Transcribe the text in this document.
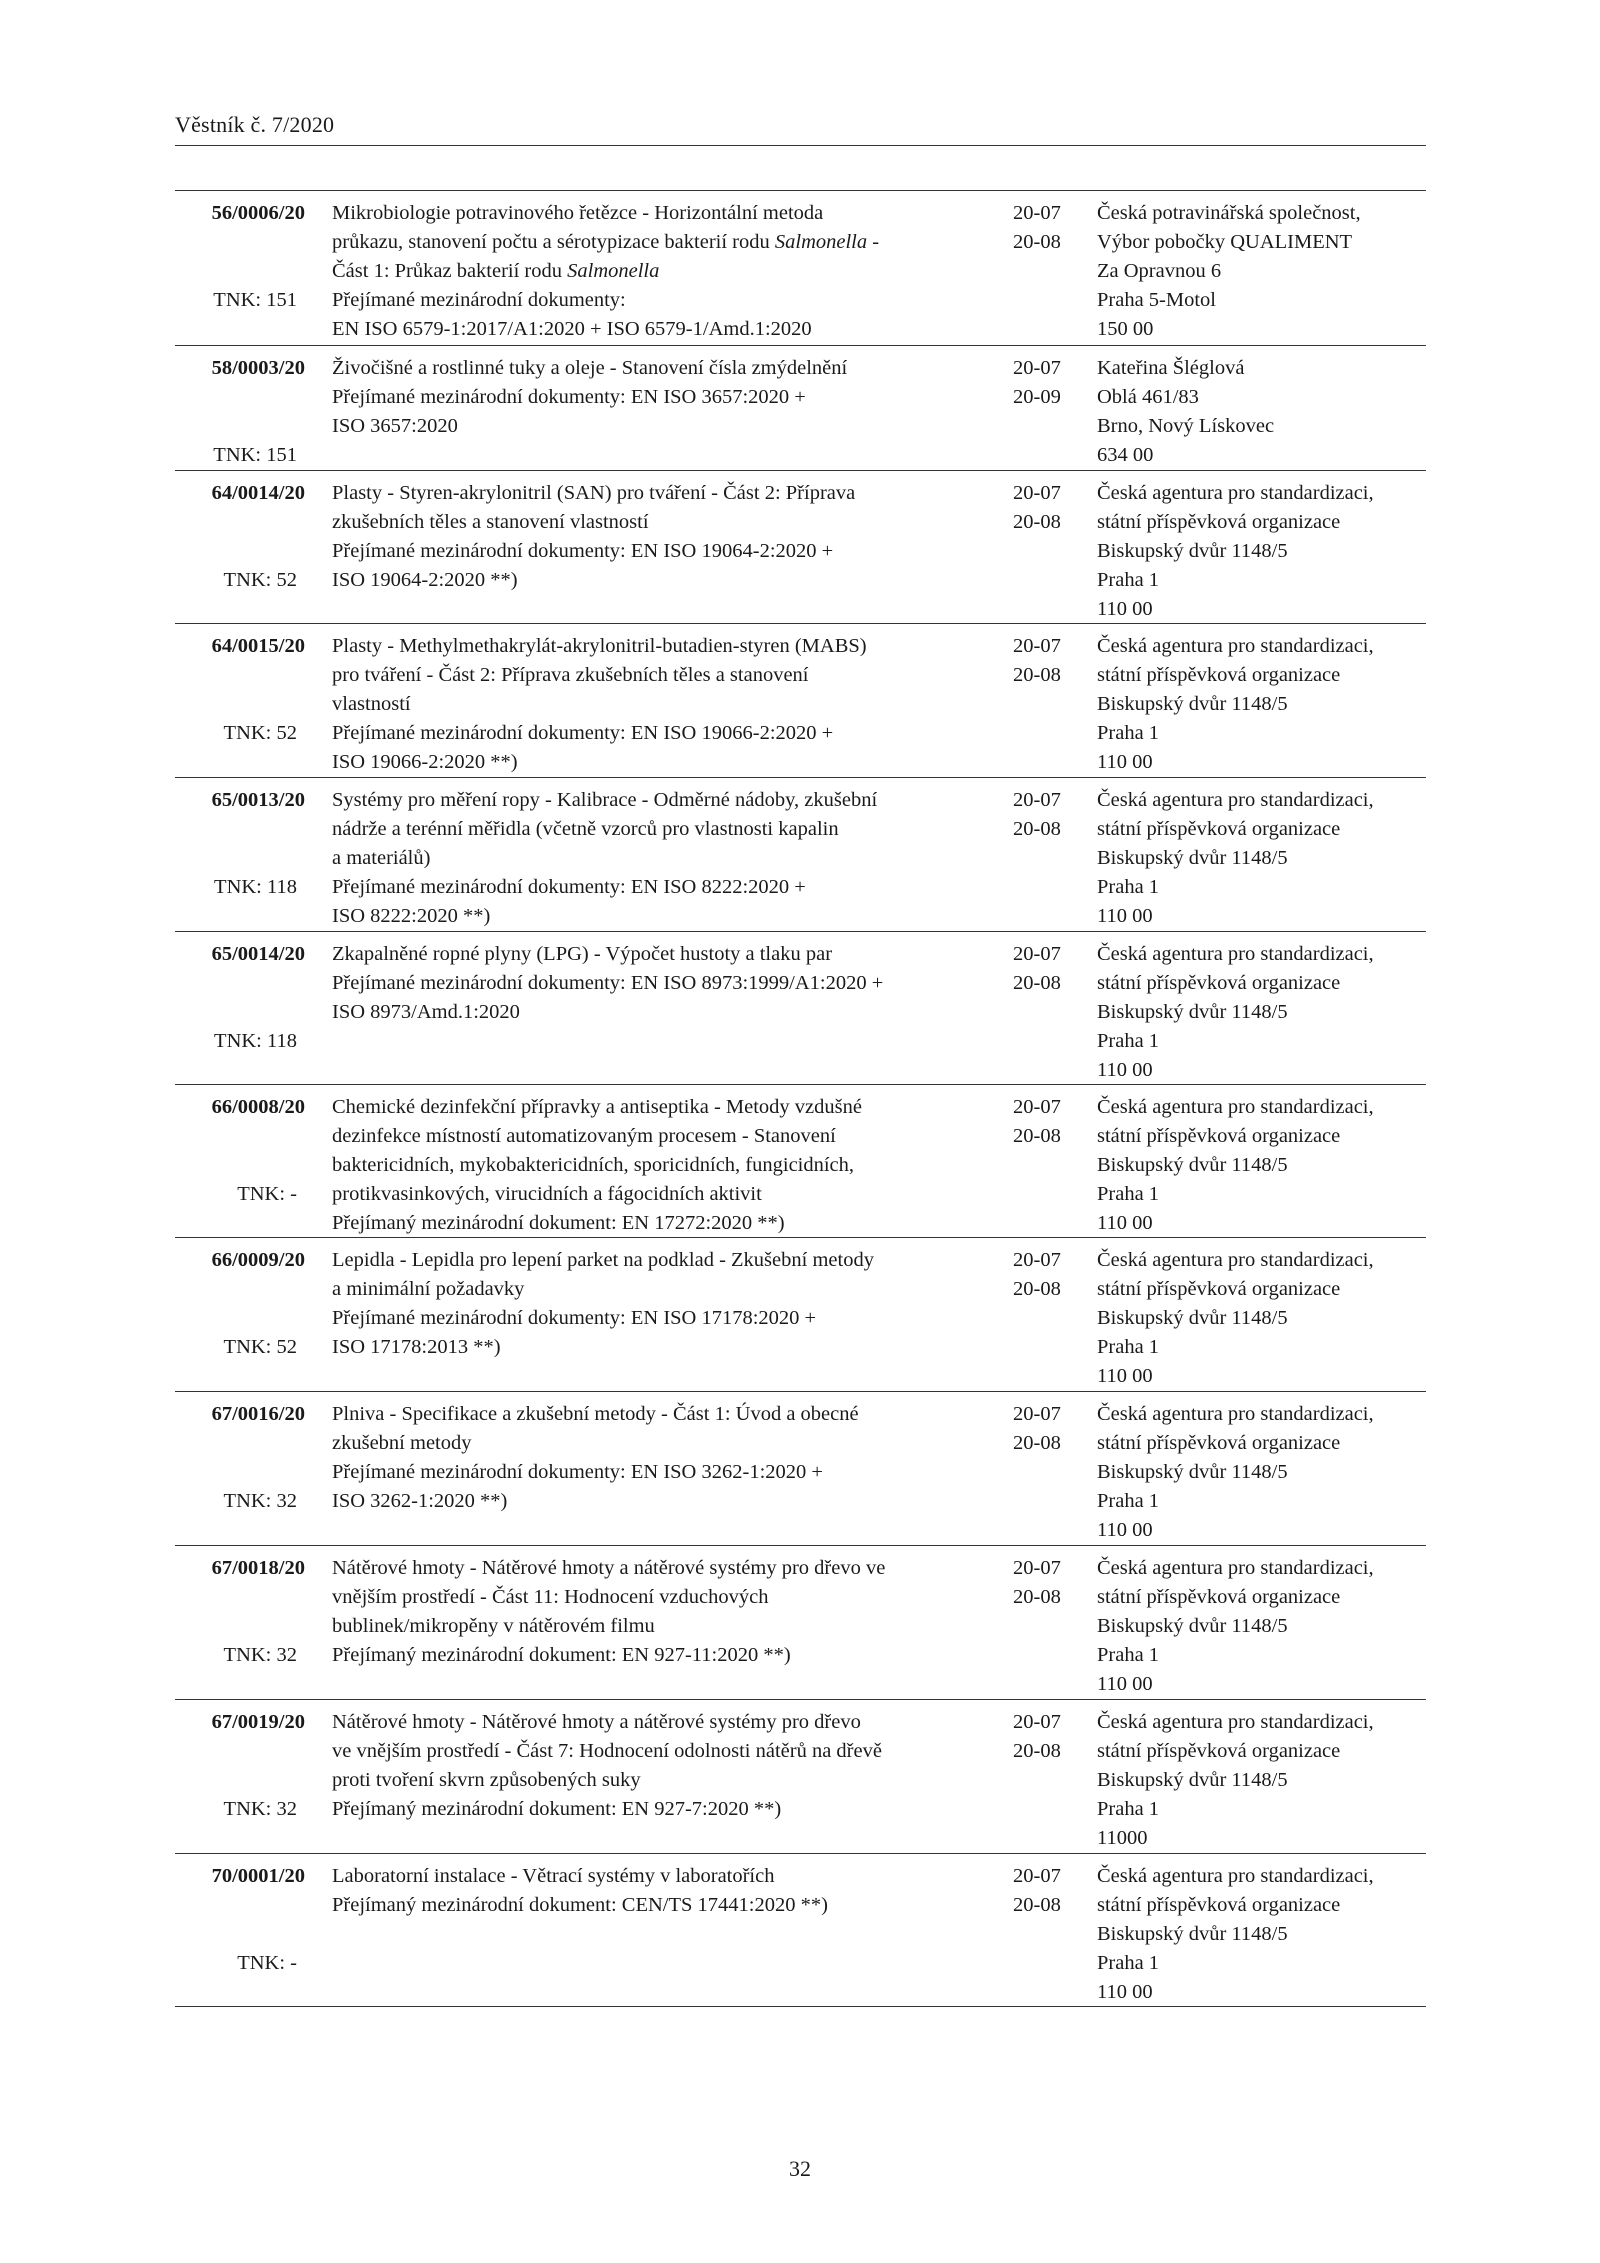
Věstník č. 7/2020
56/0006/20
TNK: 151
Mikrobiologie potravinového řetězce - Horizontální metoda
průkazu, stanovení počtu a sérotypizace bakterií rodu Salmonella -
Část 1: Průkaz bakterií rodu Salmonella
Přejímané mezinárodní dokumenty:
EN ISO 6579-1:2017/A1:2020 + ISO 6579-1/Amd.1:2020
20-07
20-08
Česká potravinářská společnost,
Výbor pobočky QUALIMENT
Za Opravnou 6
Praha 5-Motol
150 00
58/0003/20
TNK: 151
Živočišné a rostlinné tuky a oleje - Stanovení čísla zmýdelnění
Přejímané mezinárodní dokumenty: EN ISO 3657:2020 +
ISO 3657:2020
20-07
20-09
Kateřina Šléglová
Oblá 461/83
Brno, Nový Lískovec
634 00
64/0014/20
TNK: 52
Plasty - Styren-akrylonitril (SAN) pro tváření - Část 2: Příprava
zkušebních těles a stanovení vlastností
Přejímané mezinárodní dokumenty: EN ISO 19064-2:2020 +
ISO 19064-2:2020 **)
20-07
20-08
Česká agentura pro standardizaci,
státní příspěvková organizace
Biskupský dvůr 1148/5
Praha 1
110 00
64/0015/20
TNK: 52
Plasty - Methylmethakrylát-akrylonitril-butadien-styren (MABS)
pro tváření - Část 2: Příprava zkušebních těles a stanovení
vlastností
Přejímané mezinárodní dokumenty: EN ISO 19066-2:2020 +
ISO 19066-2:2020 **)
20-07
20-08
Česká agentura pro standardizaci,
státní příspěvková organizace
Biskupský dvůr 1148/5
Praha 1
110 00
65/0013/20
TNK: 118
Systémy pro měření ropy - Kalibrace - Odměrné nádoby, zkušební
nádrže a terénní měřidla (včetně vzorců pro vlastnosti kapalin
a materiálů)
Přejímané mezinárodní dokumenty: EN ISO 8222:2020 +
ISO 8222:2020 **)
20-07
20-08
Česká agentura pro standardizaci,
státní příspěvková organizace
Biskupský dvůr 1148/5
Praha 1
110 00
65/0014/20
TNK: 118
Zkapalněné ropné plyny (LPG) - Výpočet hustoty a tlaku par
Přejímané mezinárodní dokumenty: EN ISO 8973:1999/A1:2020 +
ISO 8973/Amd.1:2020
20-07
20-08
Česká agentura pro standardizaci,
státní příspěvková organizace
Biskupský dvůr 1148/5
Praha 1
110 00
66/0008/20
TNK: -
Chemické dezinfekční přípravky a antiseptika - Metody vzdušné
dezinfekce místností automatizovaným procesem - Stanovení
baktericidních, mykobaktericidních, sporicidních, fungicidních,
protikvasinkových, virucidních a fágocidních aktivit
Přejímaný mezinárodní dokument: EN 17272:2020 **)
20-07
20-08
Česká agentura pro standardizaci,
státní příspěvková organizace
Biskupský dvůr 1148/5
Praha 1
110 00
66/0009/20
TNK: 52
Lepidla - Lepidla pro lepení parket na podklad - Zkušební metody
a minimální požadavky
Přejímané mezinárodní dokumenty: EN ISO 17178:2020 +
ISO 17178:2013 **)
20-07
20-08
Česká agentura pro standardizaci,
státní příspěvková organizace
Biskupský dvůr 1148/5
Praha 1
110 00
67/0016/20
TNK: 32
Plniva - Specifikace a zkušební metody - Část 1: Úvod a obecné
zkušební metody
Přejímané mezinárodní dokumenty: EN ISO 3262-1:2020 +
ISO 3262-1:2020 **)
20-07
20-08
Česká agentura pro standardizaci,
státní příspěvková organizace
Biskupský dvůr 1148/5
Praha 1
110 00
67/0018/20
TNK: 32
Nátěrové hmoty - Nátěrové hmoty a nátěrové systémy pro dřevo ve
vnějším prostředí - Část 11: Hodnocení vzduchových
bublinek/mikropěny v nátěrovém filmu
Přejímaný mezinárodní dokument: EN 927-11:2020 **)
20-07
20-08
Česká agentura pro standardizaci,
státní příspěvková organizace
Biskupský dvůr 1148/5
Praha 1
110 00
67/0019/20
TNK: 32
Nátěrové hmoty - Nátěrové hmoty a nátěrové systémy pro dřevo
ve vnějším prostředí - Část 7: Hodnocení odolnosti nátěrů na dřevě
proti tvoření skvrn způsobených suky
Přejímaný mezinárodní dokument: EN 927-7:2020 **)
20-07
20-08
Česká agentura pro standardizaci,
státní příspěvková organizace
Biskupský dvůr 1148/5
Praha 1
11000
70/0001/20
TNK: -
Laboratorní instalace - Větrací systémy v laboratořích
Přejímaný mezinárodní dokument: CEN/TS 17441:2020 **)
20-07
20-08
Česká agentura pro standardizaci,
státní příspěvková organizace
Biskupský dvůr 1148/5
Praha 1
110 00
32
